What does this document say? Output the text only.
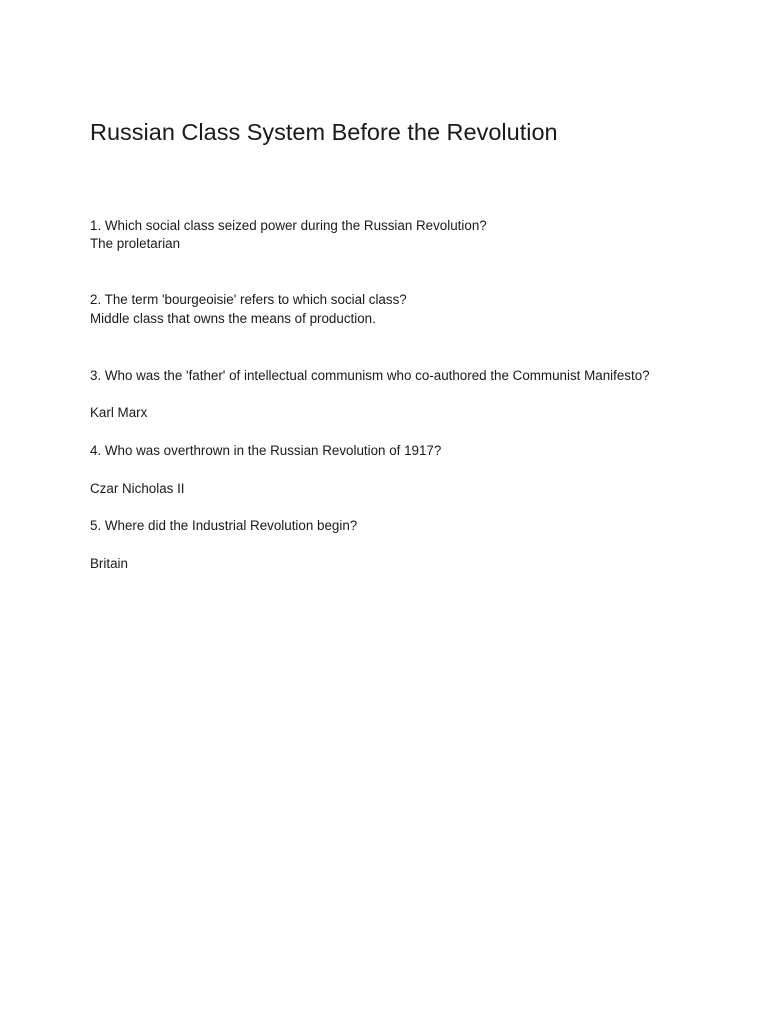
Russian Class System Before the Revolution
1. Which social class seized power during the Russian Revolution?
The proletarian
2. The term 'bourgeoisie' refers to which social class?
Middle class that owns the means of production.
3. Who was the 'father' of intellectual communism who co-authored the Communist Manifesto?
Karl Marx
4. Who was overthrown in the Russian Revolution of 1917?
Czar Nicholas II
5. Where did the Industrial Revolution begin?
Britain
